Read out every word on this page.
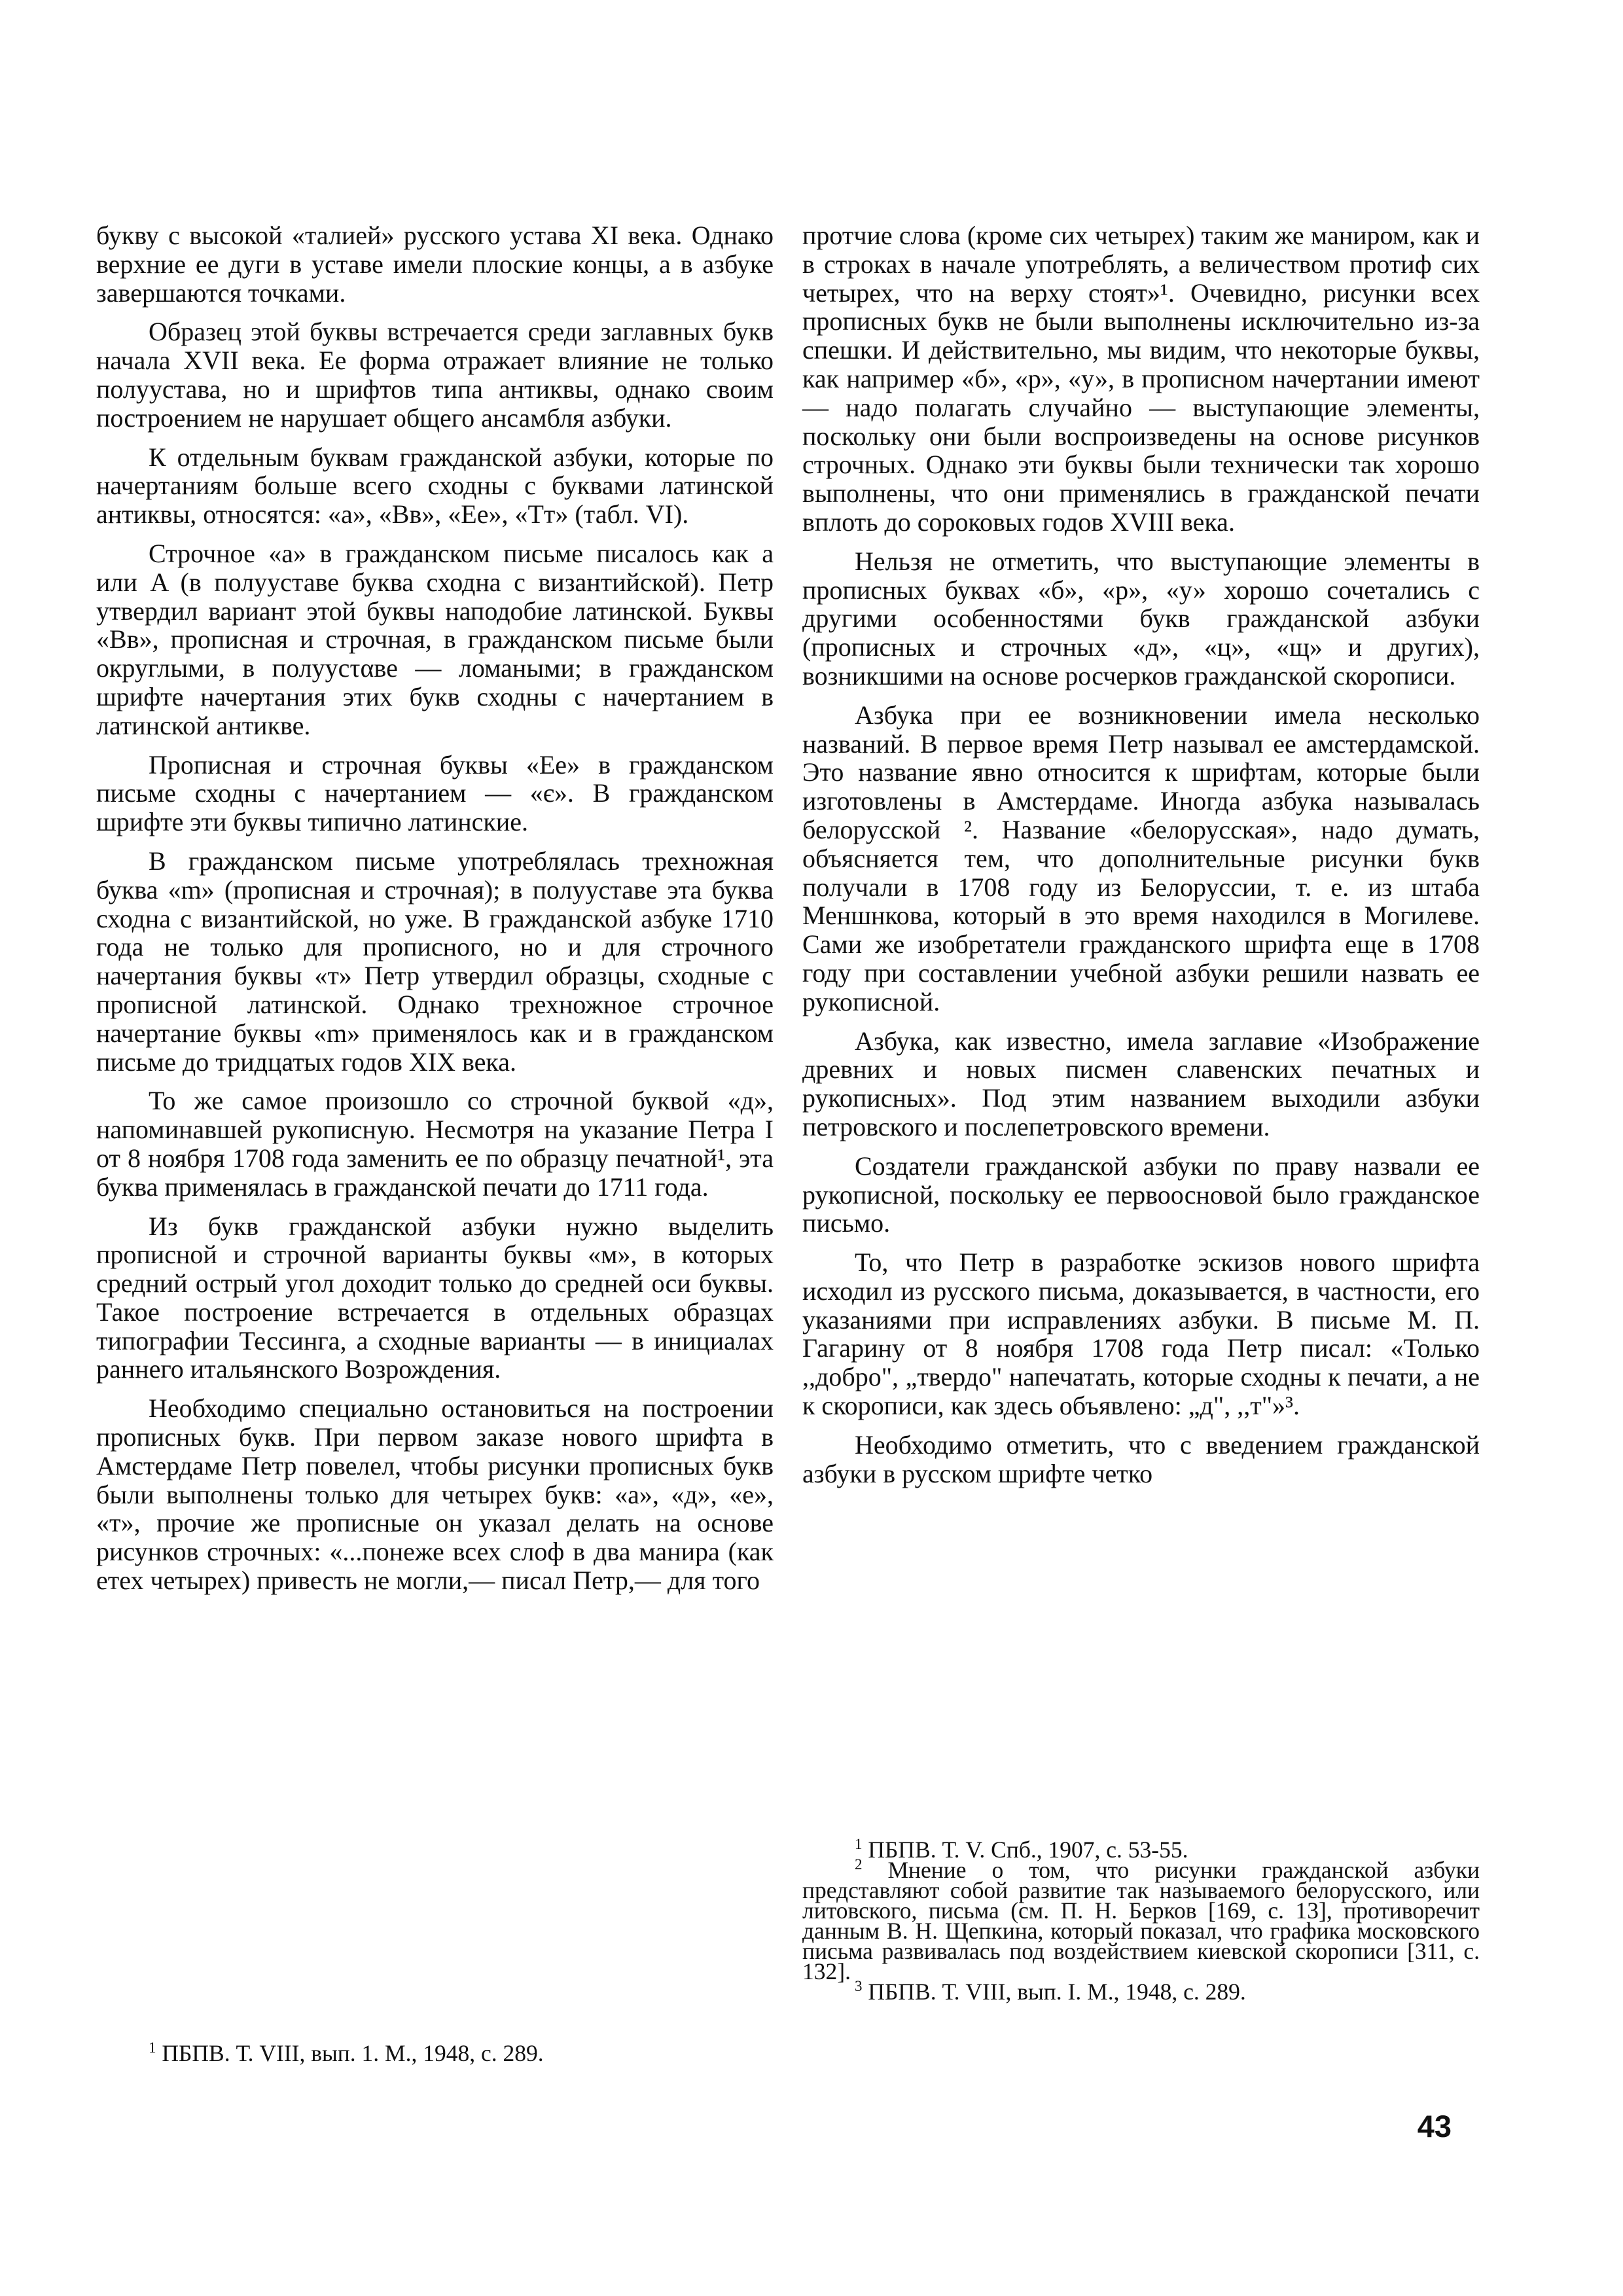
букву с высокой «талией» русского устава XI века. Однако верхние ее дуги в уставе имели плоские концы, а в азбуке завершаются точками.

Образец этой буквы встречается среди заглавных букв начала XVII века. Ее форма отражает влияние не только полуустава, но и шрифтов типа антиквы, однако своим построением не нарушает общего ансамбля азбуки.

К отдельным буквам гражданской азбуки, которые по начертаниям больше всего сходны с буквами латинской антиквы, относятся: «а», «Вв», «Ее», «Тт» (табл. VI).

Строчное «а» в гражданском письме писалось как a или A (в полууставе буква сходна с византийской). Петр утвердил вариант этой буквы наподобие латинской. Буквы «Вв», прописная и строчная, в гражданском письме были округлыми, в полуусταве — ломаными; в гражданском шрифте начертания этих букв сходны с начертанием в латинской антикве.

Прописная и строчная буквы «Ее» в гражданском письме сходны с начертанием — «є». В гражданском шрифте эти буквы типично латинские.

В гражданском письме употреблялась трехножная буква «m» (прописная и строчная); в полууставе эта буква сходна с византийской, но уже. В гражданской азбуке 1710 года не только для прописного, но и для строчного начертания буквы «т» Петр утвердил образцы, сходные с прописной латинской. Однако трехножное строчное начертание буквы «m» применялось как и в гражданском письме до тридцатых годов XIX века.

То же самое произошло со строчной буквой «д», напоминавшей рукописную. Несмотря на указание Петра I от 8 ноября 1708 года заменить ее по образцу печатной¹, эта буква применялась в гражданской печати до 1711 года.

Из букв гражданской азбуки нужно выделить прописной и строчной варианты буквы «м», в которых средний острый угол доходит только до средней оси буквы. Такое построение встречается в отдельных образцах типографии Тессинга, а сходные варианты — в инициалах раннего итальянского Возрождения.

Необходимо специально остановиться на построении прописных букв. При первом заказе нового шрифта в Амстердаме Петр повелел, чтобы рисунки прописных букв были выполнены только для четырех букв: «а», «д», «е», «т», прочие же прописные он указал делать на основе рисунков строчных: «...понеже всех слоф в два манира (как етех четырех) привесть не могли,— писал Петр,— для того

$^1$ ПБПВ. Т. VIII, вып. 1. М., 1948, с. 289.

протчие слова (кроме сих четырех) таким же маниром, как и в строках в начале употреблять, а величеством протиф сих четырех, что на верху стоят»¹. Очевидно, рисунки всех прописных букв не были выполнены исключительно из-за спешки. И действительно, мы видим, что некоторые буквы, как например «б», «р», «у», в прописном начертании имеют — надо полагать случайно — выступающие элементы, поскольку они были воспроизведены на основе рисунков строчных. Однако эти буквы были технически так хорошо выполнены, что они применялись в гражданской печати вплоть до сороковых годов XVIII века.

Нельзя не отметить, что выступающие элементы в прописных буквах «б», «р», «у» хорошо сочетались с другими особенностями букв гражданской азбуки (прописных и строчных «д», «ц», «щ» и других), возникшими на основе росчерков гражданской скорописи.

Азбука при ее возникновении имела несколько названий. В первое время Петр называл ее амстердамской. Это название явно относится к шрифтам, которые были изготовлены в Амстердаме. Иногда азбука называлась белорусской ². Название «белорусская», надо думать, объясняется тем, что дополнительные рисунки букв получали в 1708 году из Белоруссии, т. е. из штаба Меншнкова, который в это время находился в Могилеве. Сами же изобретатели гражданского шрифта еще в 1708 году при составлении учебной азбуки решили назвать ее рукописной.

Азбука, как известно, имела заглавие «Изображение древних и новых писмен славенских печатных и рукописных». Под этим названием выходили азбуки петровского и послепетровского времени.

Создатели гражданской азбуки по праву назвали ее рукописной, поскольку ее первоосновой было гражданское письмо.

То, что Петр в разработке эскизов нового шрифта исходил из русского письма, доказывается, в частности, его указаниями при исправлениях азбуки. В письме М. П. Гагарину от 8 ноября 1708 года Петр писал: «Только ,,добро", „твердо" напечатать, которые сходны к печати, а не к скорописи, как здесь объявлено: „д", ,,т"»³.

Необходимо отметить, что с введением гражданской азбуки в русском шрифте четко

$^1$ ПБПВ. Т. V. Спб., 1907, с. 53-55.

$^2$ Мнение о том, что рисунки гражданской азбуки представляют собой развитие так называемого белорусского, или литовского, письма (см. П. Н. Берков [169, с. 13], противоречит данным В. Н. Щепкина, который показал, что графика московского письма развивалась под воздействием киевской скорописи [311, с. 132].

$^3$ ПБПВ. Т. VIII, вып. I. М., 1948, с. 289.

43
